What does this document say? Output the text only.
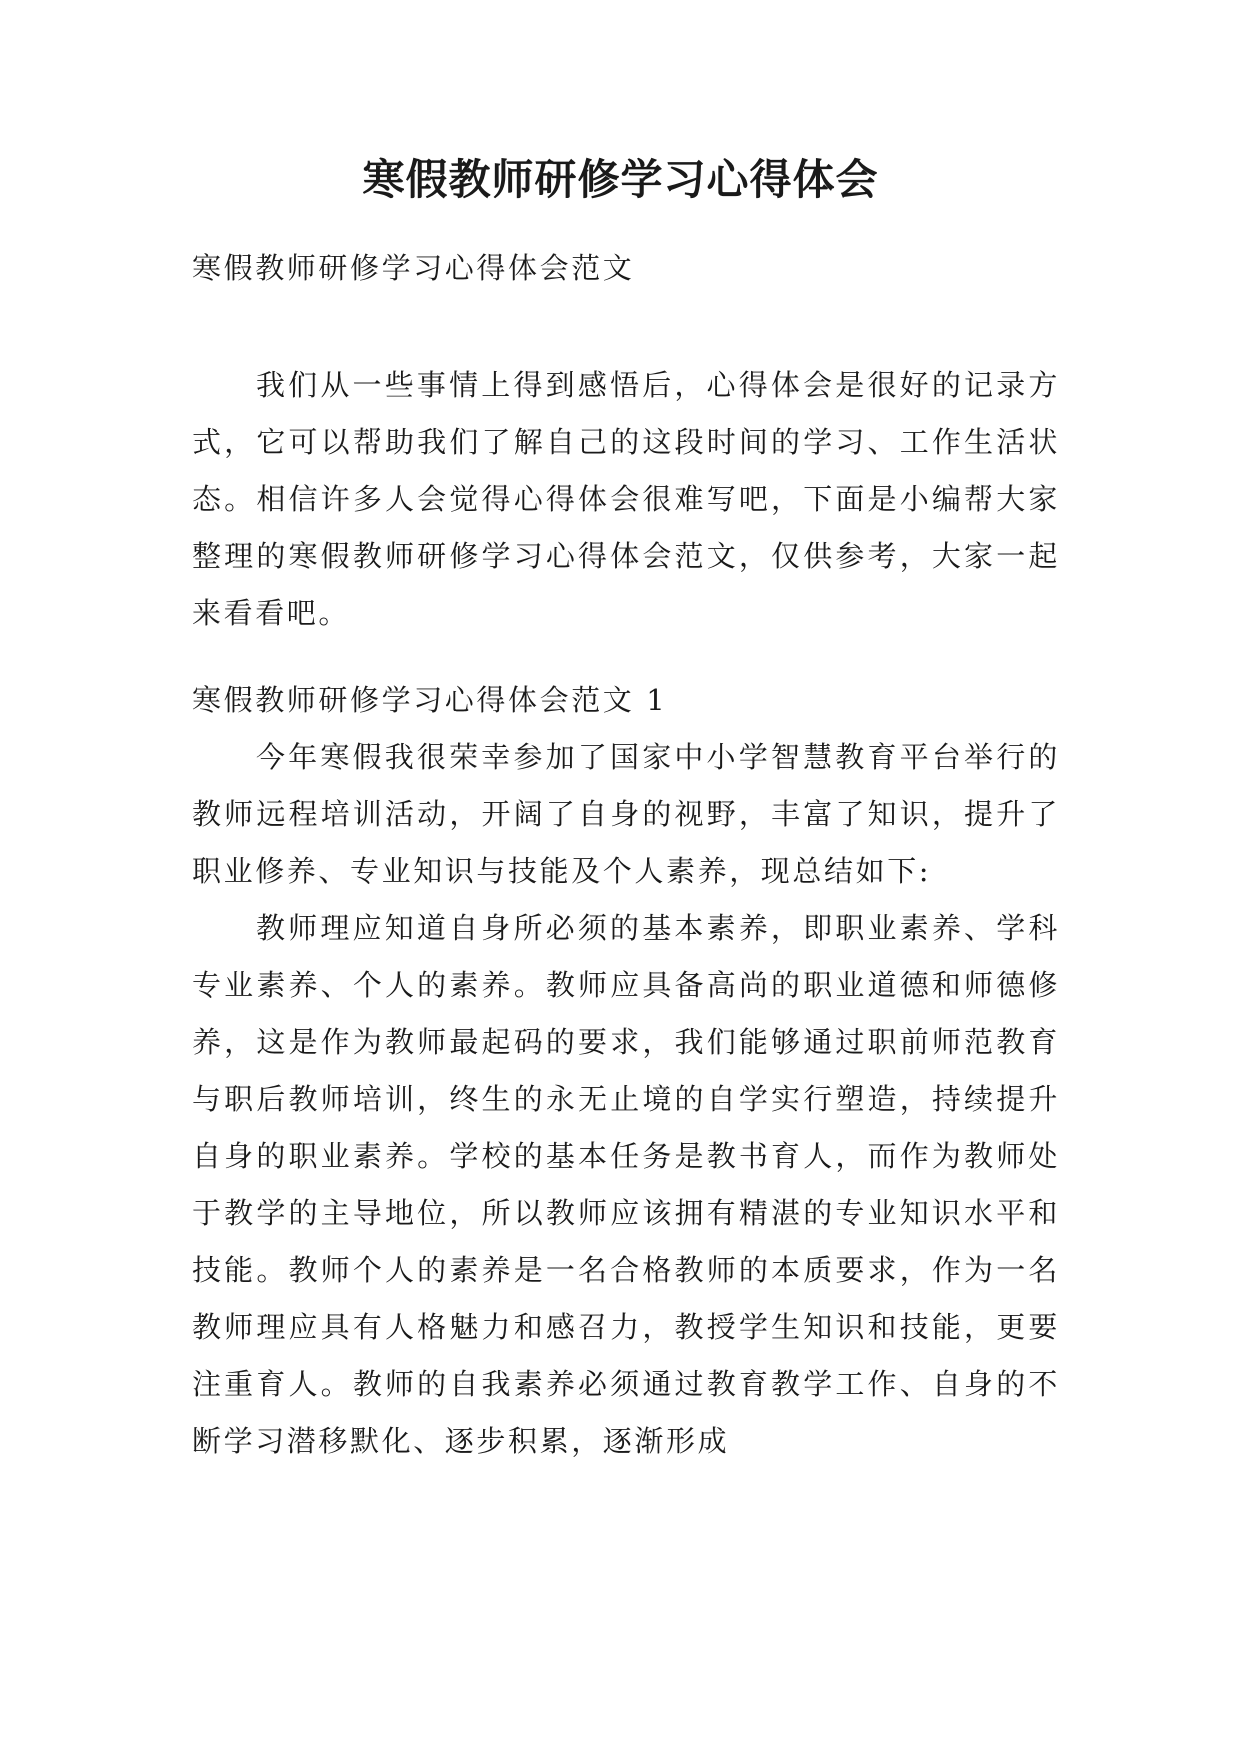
寒假教师研修学习心得体会

寒假教师研修学习心得体会范文

我们从一些事情上得到感悟后，心得体会是很好的记录方式，它可以帮助我们了解自己的这段时间的学习、工作生活状态。相信许多人会觉得心得体会很难写吧，下面是小编帮大家整理的寒假教师研修学习心得体会范文，仅供参考，大家一起来看看吧。

寒假教师研修学习心得体会范文 1

今年寒假我很荣幸参加了国家中小学智慧教育平台举行的教师远程培训活动，开阔了自身的视野，丰富了知识，提升了职业修养、专业知识与技能及个人素养，现总结如下:

教师理应知道自身所必须的基本素养，即职业素养、学科专业素养、个人的素养。教师应具备高尚的职业道德和师德修养，这是作为教师最起码的要求，我们能够通过职前师范教育与职后教师培训，终生的永无止境的自学实行塑造，持续提升自身的职业素养。学校的基本任务是教书育人，而作为教师处于教学的主导地位，所以教师应该拥有精湛的专业知识水平和技能。教师个人的素养是一名合格教师的本质要求，作为一名教师理应具有人格魅力和感召力，教授学生知识和技能，更要注重育人。教师的自我素养必须通过教育教学工作、自身的不断学习潜移默化、逐步积累，逐渐形成
